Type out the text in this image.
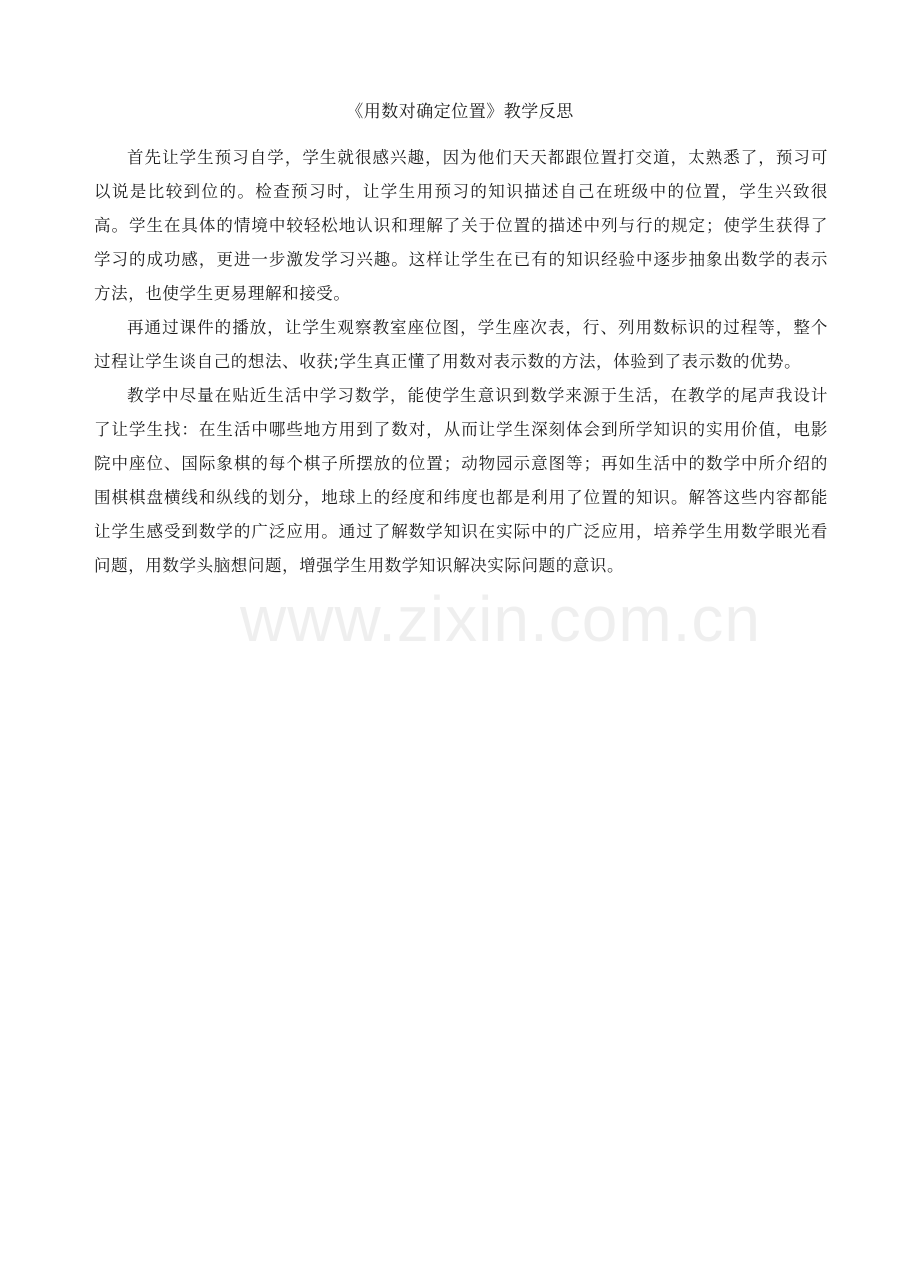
《用数对确定位置》教学反思

首先让学生预习自学，学生就很感兴趣，因为他们天天都跟位置打交道，太熟悉了，预习可以说是比较到位的。检查预习时，让学生用预习的知识描述自己在班级中的位置，学生兴致很高。学生在具体的情境中较轻松地认识和理解了关于位置的描述中列与行的规定；使学生获得了学习的成功感，更进一步激发学习兴趣。这样让学生在已有的知识经验中逐步抽象出数学的表示方法，也使学生更易理解和接受。

再通过课件的播放，让学生观察教室座位图，学生座次表，行、列用数标识的过程等，整个过程让学生谈自己的想法、收获;学生真正懂了用数对表示数的方法，体验到了表示数的优势。

教学中尽量在贴近生活中学习数学，能使学生意识到数学来源于生活，在教学的尾声我设计了让学生找：在生活中哪些地方用到了数对，从而让学生深刻体会到所学知识的实用价值，电影院中座位、国际象棋的每个棋子所摆放的位置；动物园示意图等；再如生活中的数学中所介绍的围棋棋盘横线和纵线的划分，地球上的经度和纬度也都是利用了位置的知识。解答这些内容都能让学生感受到数学的广泛应用。通过了解数学知识在实际中的广泛应用，培养学生用数学眼光看问题，用数学头脑想问题，增强学生用数学知识解决实际问题的意识。

www.zixin.com.cn
